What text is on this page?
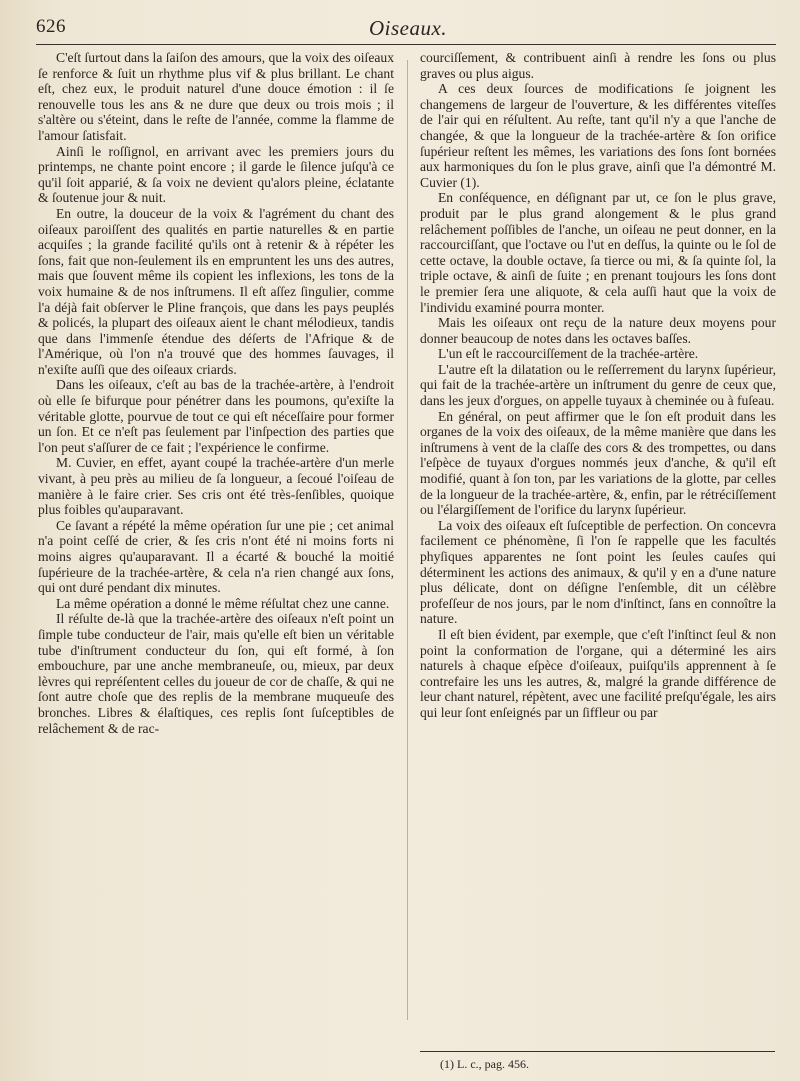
626	Oiseaux.

C'eſt ſurtout dans la ſaiſon des amours, que la voix des oiſeaux ſe renforce & ſuit un rhythme plus vif & plus brillant. Le chant eſt, chez eux, le produit naturel d'une douce émotion : il ſe renouvelle tous les ans & ne dure que deux ou trois mois ; il s'altère ou s'éteint, dans le reſte de l'année, comme la flamme de l'amour ſatisfait.

Ainſi le roſſignol, en arrivant avec les premiers jours du printemps, ne chante point encore ; il garde le ſilence juſqu'à ce qu'il ſoit apparié, & ſa voix ne devient qu'alors pleine, éclatante & ſoutenue jour & nuit.

En outre, la douceur de la voix & l'agrément du chant des oiſeaux paroiſſent des qualités en partie naturelles & en partie acquiſes ; la grande facilité qu'ils ont à retenir & à répéter les ſons, fait que non-ſeulement ils en empruntent les uns des autres, mais que ſouvent même ils copient les inflexions, les tons de la voix humaine & de nos inſtrumens. Il eſt aſſez ſingulier, comme l'a déjà fait obſerver le Pline françois, que dans les pays peuplés & policés, la plupart des oiſeaux aient le chant mélodieux, tandis que dans l'immenſe étendue des déſerts de l'Afrique & de l'Amérique, où l'on n'a trouvé que des hommes ſauvages, il n'exiſte auſſi que des oiſeaux criards.

Dans les oiſeaux, c'eſt au bas de la trachée-artère, à l'endroit où elle ſe bifurque pour pénétrer dans les poumons, qu'exiſte la véritable glotte, pourvue de tout ce qui eſt néceſſaire pour former un ſon. Et ce n'eſt pas ſeulement par l'inſpection des parties que l'on peut s'aſſurer de ce fait ; l'expérience le confirme.

M. Cuvier, en effet, ayant coupé la trachée-artère d'un merle vivant, à peu près au milieu de ſa longueur, a ſecoué l'oiſeau de manière à le faire crier. Ses cris ont été très-ſenſibles, quoique plus foibles qu'auparavant.

Ce ſavant a répété la même opération ſur une pie ; cet animal n'a point ceſſé de crier, & ſes cris n'ont été ni moins forts ni moins aigres qu'auparavant. Il a écarté & bouché la moitié ſupérieure de la trachée-artère, & cela n'a rien changé aux ſons, qui ont duré pendant dix minutes.

La même opération a donné le même réſultat chez une canne.

Il réſulte de-là que la trachée-artère des oiſeaux n'eſt point un ſimple tube conducteur de l'air, mais qu'elle eſt bien un véritable tube d'inſtrument conducteur du ſon, qui eſt formé, à ſon embouchure, par une anche membraneuſe, ou, mieux, par deux lèvres qui repréſentent celles du joueur de cor de chaſſe, & qui ne ſont autre choſe que des replis de la membrane muqueuſe des bronches. Libres & élaſtiques, ces replis ſont ſuſceptibles de relâchement & de rac-

courciſſement, & contribuent ainſi à rendre les ſons ou plus graves ou plus aigus.

A ces deux ſources de modifications ſe joignent les changemens de largeur de l'ouverture, & les différentes viteſſes de l'air qui en réſultent. Au reſte, tant qu'il n'y a que l'anche de changée, & que la longueur de la trachée-artère & ſon orifice ſupérieur reſtent les mêmes, les variations des ſons ſont bornées aux harmoniques du ſon le plus grave, ainſi que l'a démontré M. Cuvier (1).

En conſéquence, en déſignant par ut, ce ſon le plus grave, produit par le plus grand alongement & le plus grand relâchement poſſibles de l'anche, un oiſeau ne peut donner, en la raccourciſſant, que l'octave ou l'ut en deſſus, la quinte ou le ſol de cette octave, la double octave, ſa tierce ou mi, & ſa quinte ſol, la triple octave, & ainſi de ſuite ; en prenant toujours les ſons dont le premier ſera une aliquote, & cela auſſi haut que la voix de l'individu examiné pourra monter.

Mais les oiſeaux ont reçu de la nature deux moyens pour donner beaucoup de notes dans les octaves baſſes.

L'un eſt le raccourciſſement de la trachée-artère.

L'autre eſt la dilatation ou le reſſerrement du larynx ſupérieur, qui fait de la trachée-artère un inſtrument du genre de ceux que, dans les jeux d'orgues, on appelle tuyaux à cheminée ou à fuſeau.

En général, on peut affirmer que le ſon eſt produit dans les organes de la voix des oiſeaux, de la même manière que dans les inſtrumens à vent de la claſſe des cors & des trompettes, ou dans l'eſpèce de tuyaux d'orgues nommés jeux d'anche, & qu'il eſt modifié, quant à ſon ton, par les variations de la glotte, par celles de la longueur de la trachée-artère, &, enfin, par le rétréciſſement ou l'élargiſſement de l'orifice du larynx ſupérieur.

La voix des oiſeaux eſt ſuſceptible de perfection. On concevra facilement ce phénomène, ſi l'on ſe rappelle que les facultés phyſiques apparentes ne ſont point les ſeules cauſes qui déterminent les actions des animaux, & qu'il y en a d'une nature plus délicate, dont on déſigne l'enſemble, dit un célèbre profeſſeur de nos jours, par le nom d'inſtinct, ſans en connoître la nature.

Il eſt bien évident, par exemple, que c'eſt l'inſtinct ſeul & non point la conformation de l'organe, qui a déterminé les airs naturels à chaque eſpèce d'oiſeaux, puiſqu'ils apprennent à ſe contrefaire les uns les autres, &, malgré la grande différence de leur chant naturel, répètent, avec une facilité preſqu'égale, les airs qui leur ſont enſeignés par un ſiffleur ou par

(1) L. c., pag. 456.
